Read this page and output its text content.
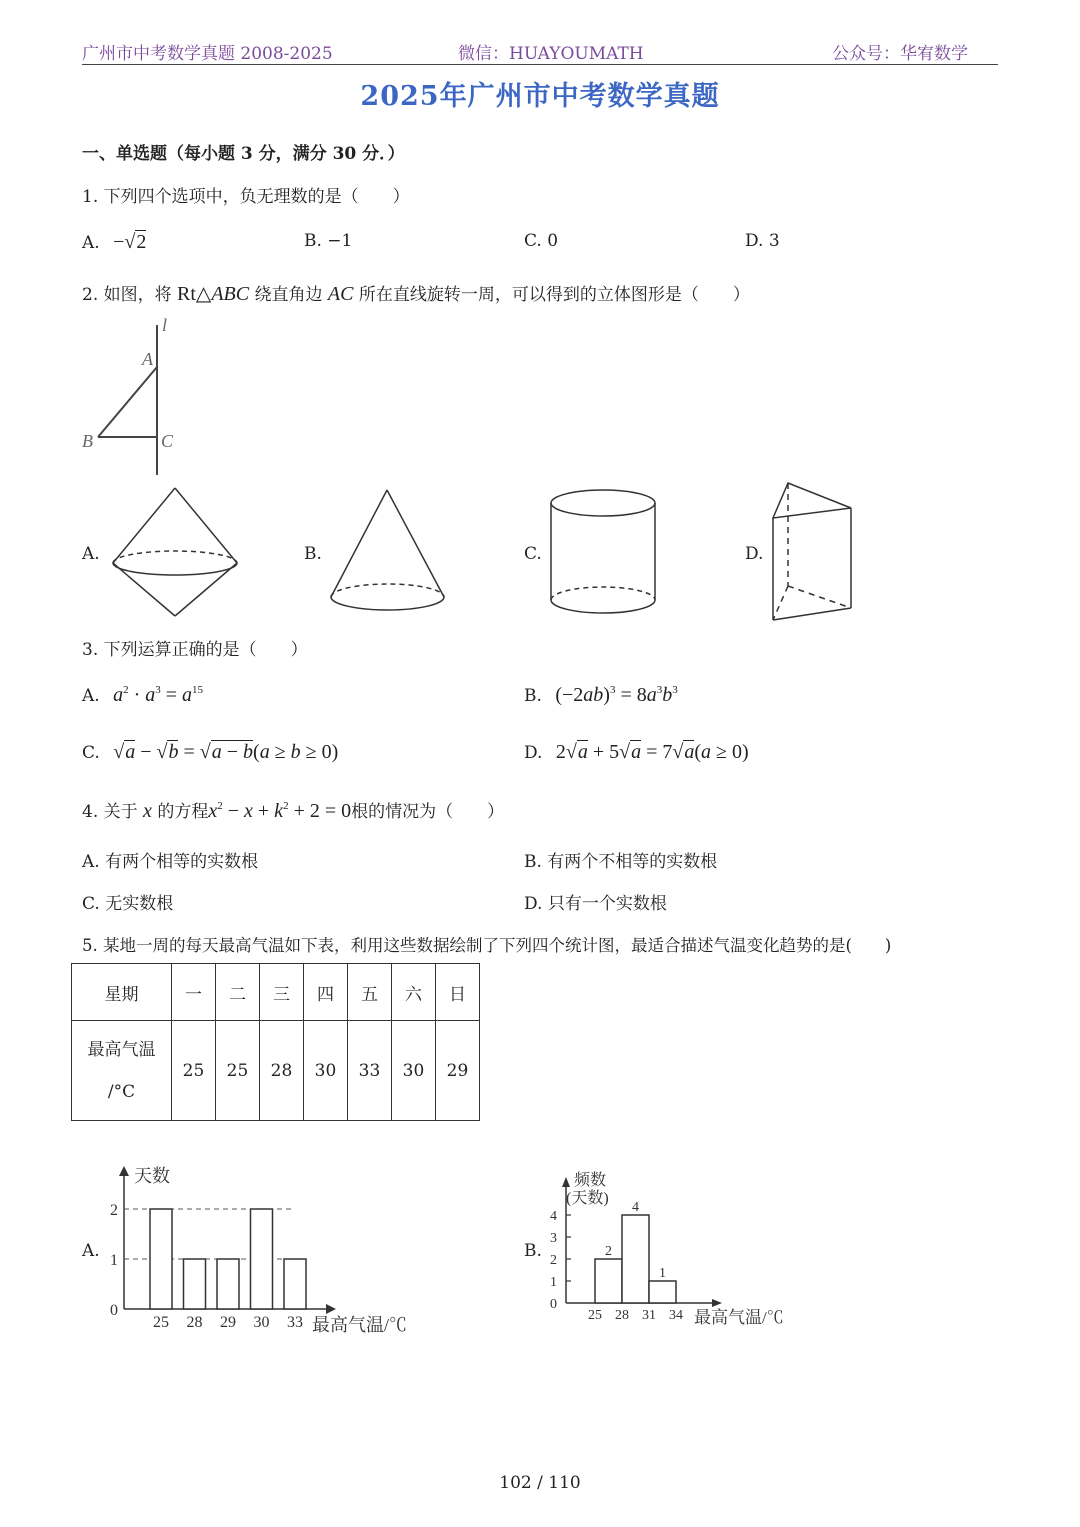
广州市中考数学真题 2008-2025	微信：HUAYOUMATH	公众号：华宥数学
2025年广州市中考数学真题
一、单选题（每小题 3 分，满分 30 分．）
1. 下列四个选项中，负无理数的是（　　）
A. −√2	B. −1	C. 0	D. 3
2. 如图，将 Rt△ABC 绕直角边 AC 所在直线旋转一周，可以得到的立体图形是（　　）
l
A
B	C
A.	B.	C.	D.
3. 下列运算正确的是（　　）
A. $a^2 \cdot a^3 = a^{15}$	B. $(-2ab)^3 = 8a^3b^3$
C. √a − √b = √a − b(a ≥ b ≥ 0)	D. 2√a + 5√a = 7√a(a ≥ 0)
4. 关于 x 的方程$x^2 - x + k^2 + 2 = 0$根的情况为（　　）
A. 有两个相等的实数根	B. 有两个不相等的实数根
C. 无实数根	D. 只有一个实数根
5. 某地一周的每天最高气温如下表，利用这些数据绘制了下列四个统计图，最适合描述气温变化趋势的是(　　)
星期	一	二	三	四	五	六	日

最高气温
/°C	25	25	28	30	33	30	29
A.
天数
最高气温/℃
0
1
2
25 28 29 30 33
B.
频数
(天数)
最高气温/℃
0
1
2
3
4
2
4
1
25 28 31 34
102 / 110
